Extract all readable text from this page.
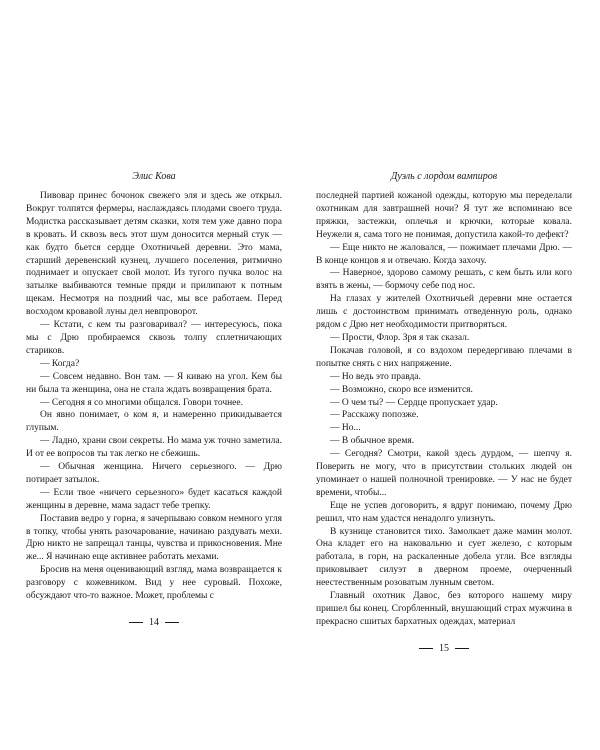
Элис Кова

Пивовар принес бочонок свежего эля и здесь же открыл. Вокруг толпятся фермеры, наслаждаясь плодами своего труда. Модистка рассказывает детям сказки, хотя тем уже давно пора в кровать. И сквозь весь этот шум доносится мерный стук — как будто бьется сердце Охотничьей деревни. Это мама, старший деревенский кузнец, лучшего поселения, ритмично поднимает и опускает свой молот. Из тугого пучка волос на затылке выбиваются темные пряди и прилипают к потным щекам. Несмотря на поздний час, мы все работаем. Перед восходом кровавой луны дел невпроворот.

— Кстати, с кем ты разговаривал? — интересуюсь, пока мы с Дрю пробираемся сквозь толпу сплетничающих стариков.

— Когда?

— Совсем недавно. Вон там. — Я киваю на угол. Кем бы ни была та женщина, она не стала ждать возвращения брата.

— Сегодня я со многими общался. Говори точнее.

Он явно понимает, о ком я, и намеренно прикидывается глупым.

— Ладно, храни свои секреты. Но мама уж точно заметила. И от ее вопросов ты так легко не сбежишь.

— Обычная женщина. Ничего серьезного. — Дрю потирает затылок.

— Если твое «ничего серьезного» будет касаться каждой женщины в деревне, мама задаст тебе трепку.

Поставив ведро у горна, я зачерпываю совком немного угля в топку, чтобы унять разочарование, начинаю раздувать мехи. Дрю никто не запрещал танцы, чувства и прикосновения. Мне же... Я начинаю еще активнее работать мехами.

Бросив на меня оценивающий взгляд, мама возвращается к разговору с кожевником. Вид у нее суровый. Похоже, обсуждают что-то важное. Может, проблемы с

14
Дуэль с лордом вампиров

последней партией кожаной одежды, которую мы переделали охотникам для завтрашней ночи? Я тут же вспоминаю все пряжки, застежки, оплечья и крючки, которые ковала. Неужели я, сама того не понимая, допустила какой-то дефект?

— Еще никто не жаловался, — пожимает плечами Дрю. — В конце концов я и отвечаю. Когда захочу.

— Наверное, здорово самому решать, с кем быть или кого взять в жены, — бормочу себе под нос.

На глазах у жителей Охотничьей деревни мне остается лишь с достоинством принимать отведенную роль, однако рядом с Дрю нет необходимости притворяться.

— Прости, Флор. Зря я так сказал.

Покачав головой, я со вздохом передергиваю плечами в попытке снять с них напряжение.

— Но ведь это правда.

— Возможно, скоро все изменится.

— О чем ты? — Сердце пропускает удар.

— Расскажу попозже.

— Но...

— В обычное время.

— Сегодня? Смотри, какой здесь дурдом, — шепчу я. Поверить не могу, что в присутствии стольких людей он упоминает о нашей полночной тренировке. — У нас не будет времени, чтобы...

Еще не успев договорить, я вдруг понимаю, почему Дрю решил, что нам удастся ненадолго улизнуть.

В кузнице становится тихо. Замолкает даже мамин молот. Она кладет его на наковальню и сует железо, с которым работала, в горн, на раскаленные добела угли. Все взгляды приковывает силуэт в дверном проеме, очерченный неестественным розоватым лунным светом.

Главный охотник Давос, без которого нашему миру пришел бы конец. Сгорбленный, внушающий страх мужчина в прекрасно сшитых бархатных одеждах, материал

15
